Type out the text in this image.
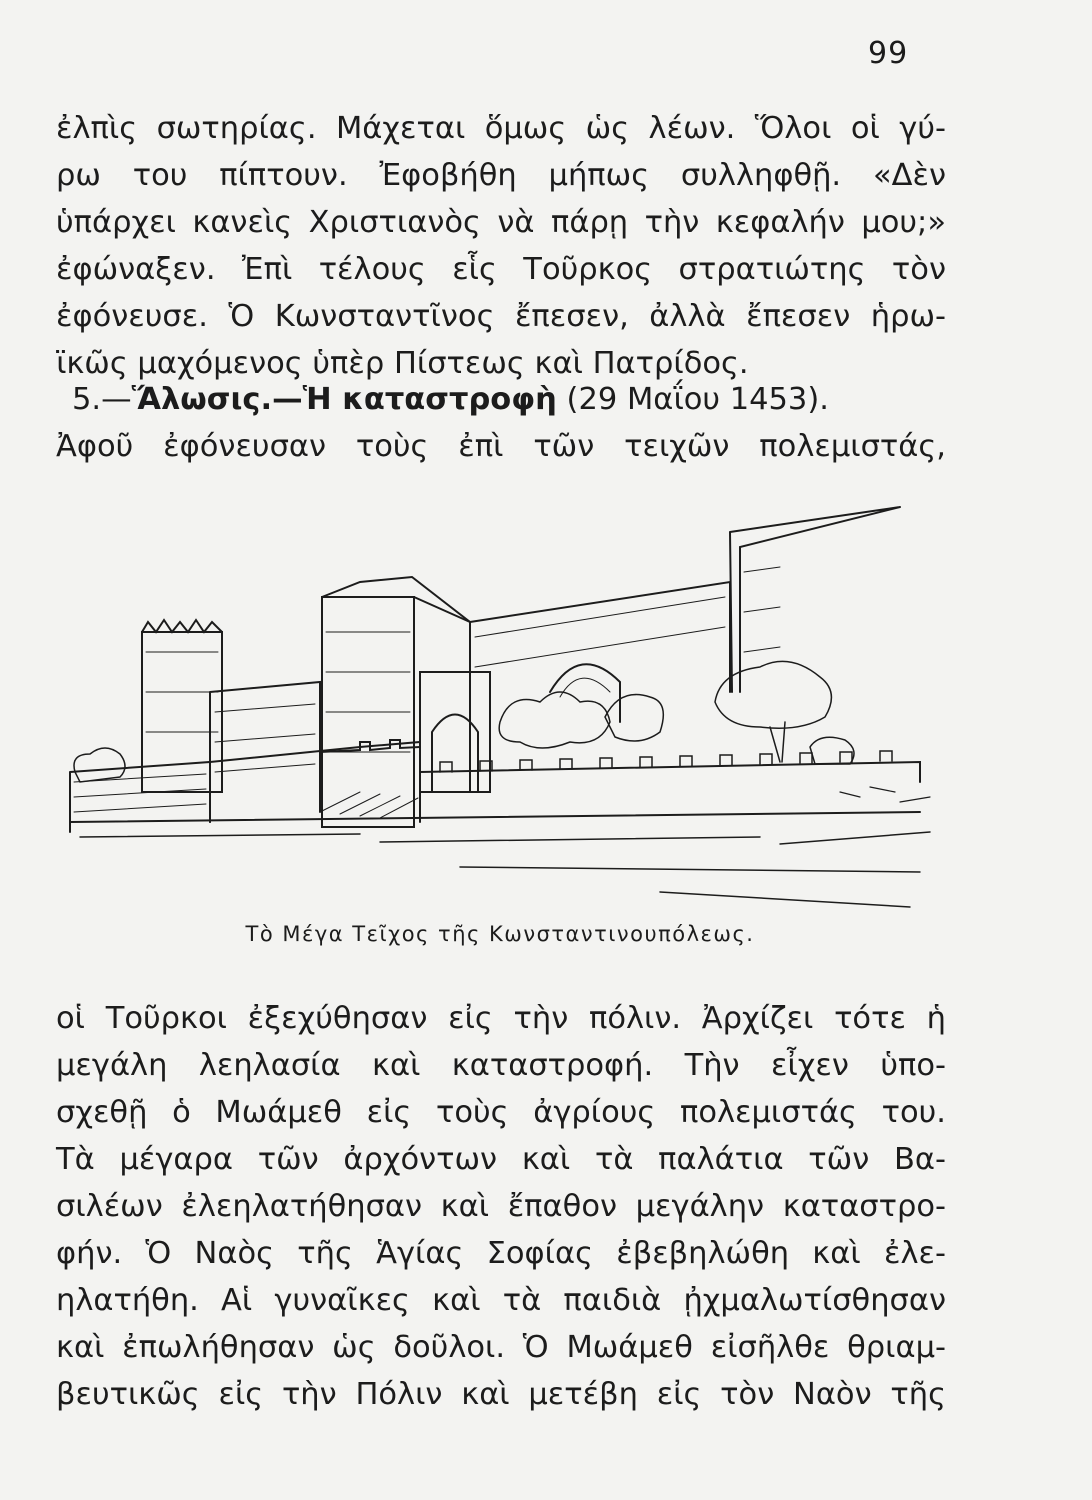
99
ἐλπὶς σωτηρίας. Μάχεται ὅμως ὡς λέων. Ὅλοι οἱ γύ-
ρω του πίπτουν. Ἐφοβήθη μήπως συλληφθῇ. «Δὲν
ὑπάρχει κανεὶς Χριστιανὸς νὰ πάρῃ τὴν κεφαλήν μου;»
ἐφώναξεν. Ἐπὶ τέλους εἷς Τοῦρκος στρατιώτης τὸν
ἐφόνευσε. Ὁ Κωνσταντῖνος ἔπεσεν, ἀλλὰ ἔπεσεν ἡρω-
ϊκῶς μαχόμενος ὑπὲρ Πίστεως καὶ Πατρίδος.
5.—Ἅλωσις.—Ἡ καταστροφὴ (29 Μαΐου 1453).
Ἀφοῦ ἐφόνευσαν τοὺς ἐπὶ τῶν τειχῶν πολεμιστάς,
Τὸ Μέγα Τεῖχος τῆς Κωνσταντινουπόλεως.
οἱ Τοῦρκοι ἐξεχύθησαν εἰς τὴν πόλιν. Ἀρχίζει τότε ἡ
μεγάλη λεηλασία καὶ καταστροφή. Τὴν εἶχεν ὑπο-
σχεθῇ ὁ Μωάμεθ εἰς τοὺς ἀγρίους πολεμιστάς του.
Τὰ μέγαρα τῶν ἀρχόντων καὶ τὰ παλάτια τῶν Βα-
σιλέων ἐλεηλατήθησαν καὶ ἔπαθον μεγάλην καταστρο-
φήν. Ὁ Ναὸς τῆς Ἁγίας Σοφίας ἐβεβηλώθη καὶ ἐλε-
ηλατήθη. Αἱ γυναῖκες καὶ τὰ παιδιὰ ᾐχμαλωτίσθησαν
καὶ ἐπωλήθησαν ὡς δοῦλοι. Ὁ Μωάμεθ εἰσῆλθε θριαμ-
βευτικῶς εἰς τὴν Πόλιν καὶ μετέβη εἰς τὸν Ναὸν τῆς
